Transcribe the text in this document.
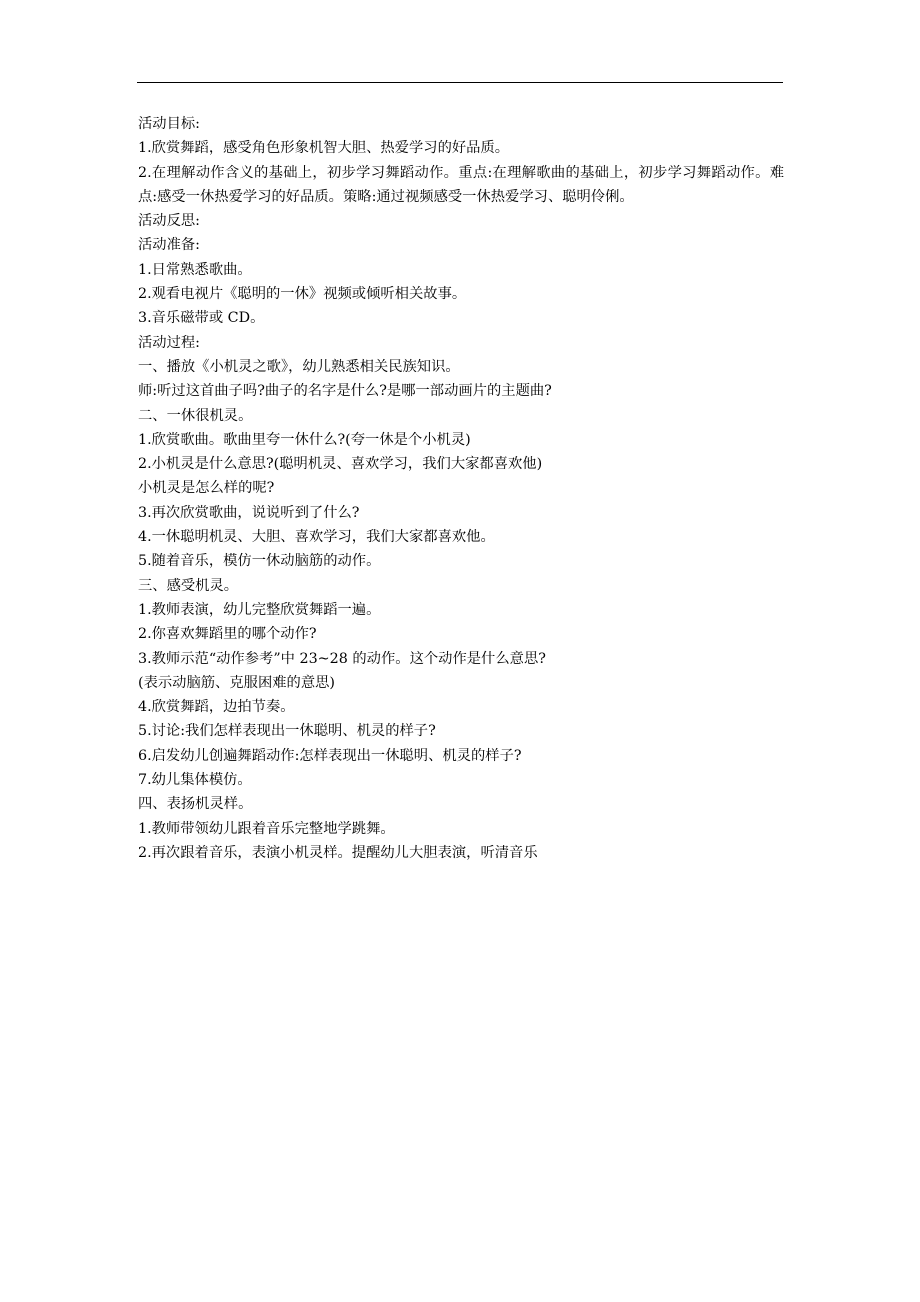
活动目标:
1.欣赏舞蹈，感受角色形象机智大胆、热爱学习的好品质。
2.在理解动作含义的基础上，初步学习舞蹈动作。重点:在理解歌曲的基础上，初步学习舞蹈动作。难点:感受一休热爱学习的好品质。策略:通过视频感受一休热爱学习、聪明伶俐。
活动反思:
活动准备:
1.日常熟悉歌曲。
2.观看电视片《聪明的一休》视频或倾听相关故事。
3.音乐磁带或 CD。
活动过程:
一、播放《小机灵之歌》，幼儿熟悉相关民族知识。
师:听过这首曲子吗?曲子的名字是什么?是哪一部动画片的主题曲?
二、一休很机灵。
1.欣赏歌曲。歌曲里夸一休什么?(夸一休是个小机灵)
2.小机灵是什么意思?(聪明机灵、喜欢学习，我们大家都喜欢他)
小机灵是怎么样的呢?
3.再次欣赏歌曲，说说听到了什么?
4.一休聪明机灵、大胆、喜欢学习，我们大家都喜欢他。
5.随着音乐，模仿一休动脑筋的动作。
三、感受机灵。
1.教师表演，幼儿完整欣赏舞蹈一遍。
2.你喜欢舞蹈里的哪个动作?
3.教师示范“动作参考”中 23~28 的动作。这个动作是什么意思?
(表示动脑筋、克服困难的意思)
4.欣赏舞蹈，边拍节奏。
5.讨论:我们怎样表现出一休聪明、机灵的样子?
6.启发幼儿创遍舞蹈动作:怎样表现出一休聪明、机灵的样子?
7.幼儿集体模仿。
四、表扬机灵样。
1.教师带领幼儿跟着音乐完整地学跳舞。
2.再次跟着音乐，表演小机灵样。提醒幼儿大胆表演，听清音乐
